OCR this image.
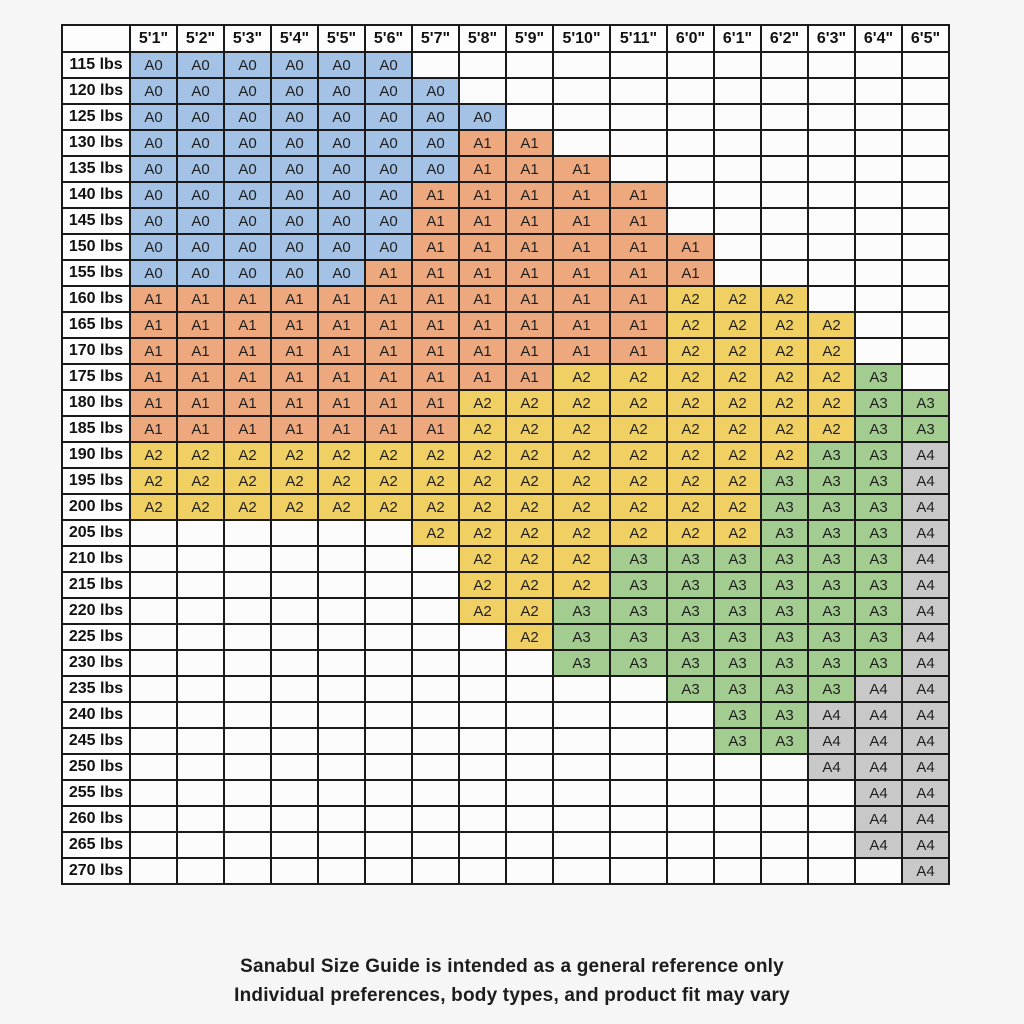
	5'1"	5'2"	5'3"	5'4"	5'5"	5'6"	5'7"	5'8"	5'9"	5'10"	5'11"	6'0"	6'1"	6'2"	6'3"	6'4"	6'5"
115 lbs	A0	A0	A0	A0	A0	A0											
120 lbs	A0	A0	A0	A0	A0	A0	A0										
125 lbs	A0	A0	A0	A0	A0	A0	A0	A0									
130 lbs	A0	A0	A0	A0	A0	A0	A0	A1	A1								
135 lbs	A0	A0	A0	A0	A0	A0	A0	A1	A1	A1							
140 lbs	A0	A0	A0	A0	A0	A0	A1	A1	A1	A1	A1						
145 lbs	A0	A0	A0	A0	A0	A0	A1	A1	A1	A1	A1						
150 lbs	A0	A0	A0	A0	A0	A0	A1	A1	A1	A1	A1	A1					
155 lbs	A0	A0	A0	A0	A0	A1	A1	A1	A1	A1	A1	A1					
160 lbs	A1	A1	A1	A1	A1	A1	A1	A1	A1	A1	A1	A2	A2	A2			
165 lbs	A1	A1	A1	A1	A1	A1	A1	A1	A1	A1	A1	A2	A2	A2	A2		
170 lbs	A1	A1	A1	A1	A1	A1	A1	A1	A1	A1	A1	A2	A2	A2	A2		
175 lbs	A1	A1	A1	A1	A1	A1	A1	A1	A1	A2	A2	A2	A2	A2	A2	A3	
180 lbs	A1	A1	A1	A1	A1	A1	A1	A2	A2	A2	A2	A2	A2	A2	A2	A3	A3
185 lbs	A1	A1	A1	A1	A1	A1	A1	A2	A2	A2	A2	A2	A2	A2	A2	A3	A3
190 lbs	A2	A2	A2	A2	A2	A2	A2	A2	A2	A2	A2	A2	A2	A2	A3	A3	A4
195 lbs	A2	A2	A2	A2	A2	A2	A2	A2	A2	A2	A2	A2	A2	A3	A3	A3	A4
200 lbs	A2	A2	A2	A2	A2	A2	A2	A2	A2	A2	A2	A2	A2	A3	A3	A3	A4
205 lbs							A2	A2	A2	A2	A2	A2	A2	A3	A3	A3	A4
210 lbs								A2	A2	A2	A3	A3	A3	A3	A3	A3	A4
215 lbs								A2	A2	A2	A3	A3	A3	A3	A3	A3	A4
220 lbs								A2	A2	A3	A3	A3	A3	A3	A3	A3	A4
225 lbs									A2	A3	A3	A3	A3	A3	A3	A3	A4
230 lbs										A3	A3	A3	A3	A3	A3	A3	A4
235 lbs												A3	A3	A3	A3	A4	A4
240 lbs													A3	A3	A4	A4	A4
245 lbs													A3	A3	A4	A4	A4
250 lbs															A4	A4	A4
255 lbs																A4	A4
260 lbs																A4	A4
265 lbs																A4	A4
270 lbs																	A4
Sanabul Size Guide is intended as a general reference only
Individual preferences, body types, and product fit may vary
